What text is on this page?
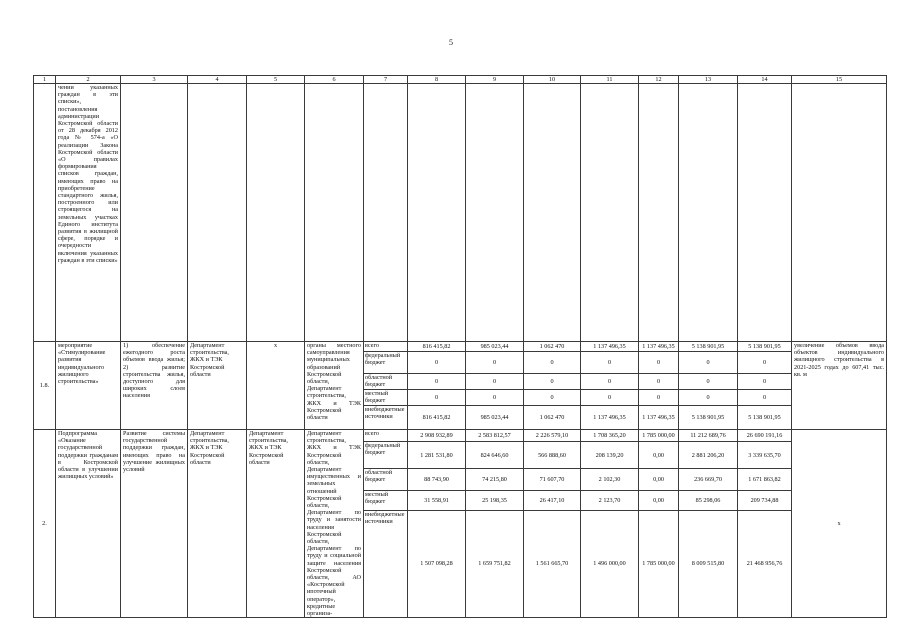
5
1	2	3	4	5	6	7	8	9	10	11	12	13	14	15
	чении указанных граждан в эти списки», постановления администрации Костромской области от 28 декабря 2012 года № 574-а «О реализации Закона Костромской области «О правилах формирования списков граждан, имеющих право на приобретение стандартного жилья, построенного или строящегося на земельных участках Единого института развития в жилищной сфере, порядке и очередности включения указанных граждан в эти списки»													
1.8.	мероприятие «Стимулирование развития индивидуального жилищного строительства»	1) обеспечение ежегодного роста объемов ввода жилья; 2) развитие строительства жилья, доступного для широких слоев населения	Департамент строительства, ЖКХ и ТЭК Костромской области	х	органы местного самоуправления муниципальных образований Костромской области, Департамент строительства, ЖКХ и ТЭК Костромской области	всего	816 415,82	985 023,44	1 062 470	1 137 496,35	1 137 496,35	5 138 901,95	5 138 901,95	увеличение объемов ввода объектов индивидуального жилищного строительства в 2021-2025 годах до 607,41 тыс. кв. м
						федеральный бюджет	0	0	0	0	0	0	0	
						областной бюджет	0	0	0	0	0	0	0	
						местный бюджет	0	0	0	0	0	0	0	
						внебюджетные источники	816 415,82	985 023,44	1 062 470	1 137 496,35	1 137 496,35	5 138 901,95	5 138 901,95	
2.	Подпрограмма «Оказание государственной поддержки гражданам в Костромской области в улучшении жилищных условий»	Развитие системы государственной поддержки граждан, имеющих право на улучшение жилищных условий	Департамент строительства, ЖКХ и ТЭК Костромской области	Департамент строительства, ЖКХ и ТЭК Костромской области	Департамент строительства, ЖКХ и ТЭК Костромской области, Департамент имущественных и земельных отношений Костромской области, Департамент по труду и занятости населения Костромской области, Департамент по труду и социальной защите населения Костромской области, АО «Костромской ипотечный оператор», кредитные организа-	всего	2 908 932,89	2 583 812,57	2 226 579,10	1 708 365,20	1 785 000,00	11 212 689,76	26 690 191,16	х
						федеральный бюджет	1 281 531,80	824 646,60	566 888,60	208 139,20	0,00	2 881 206,20	3 339 635,70	
						областной бюджет	88 743,90	74 215,80	71 607,70	2 102,30	0,00	236 669,70	1 671 863,82	
						местный бюджет	31 558,91	25 198,35	26 417,10	2 123,70	0,00	85 298,06	209 734,88	
						внебюджетные источники	1 507 098,28	1 659 751,82	1 561 665,70	1 496 000,00	1 785 000,00	8 009 515,80	21 468 956,76	
